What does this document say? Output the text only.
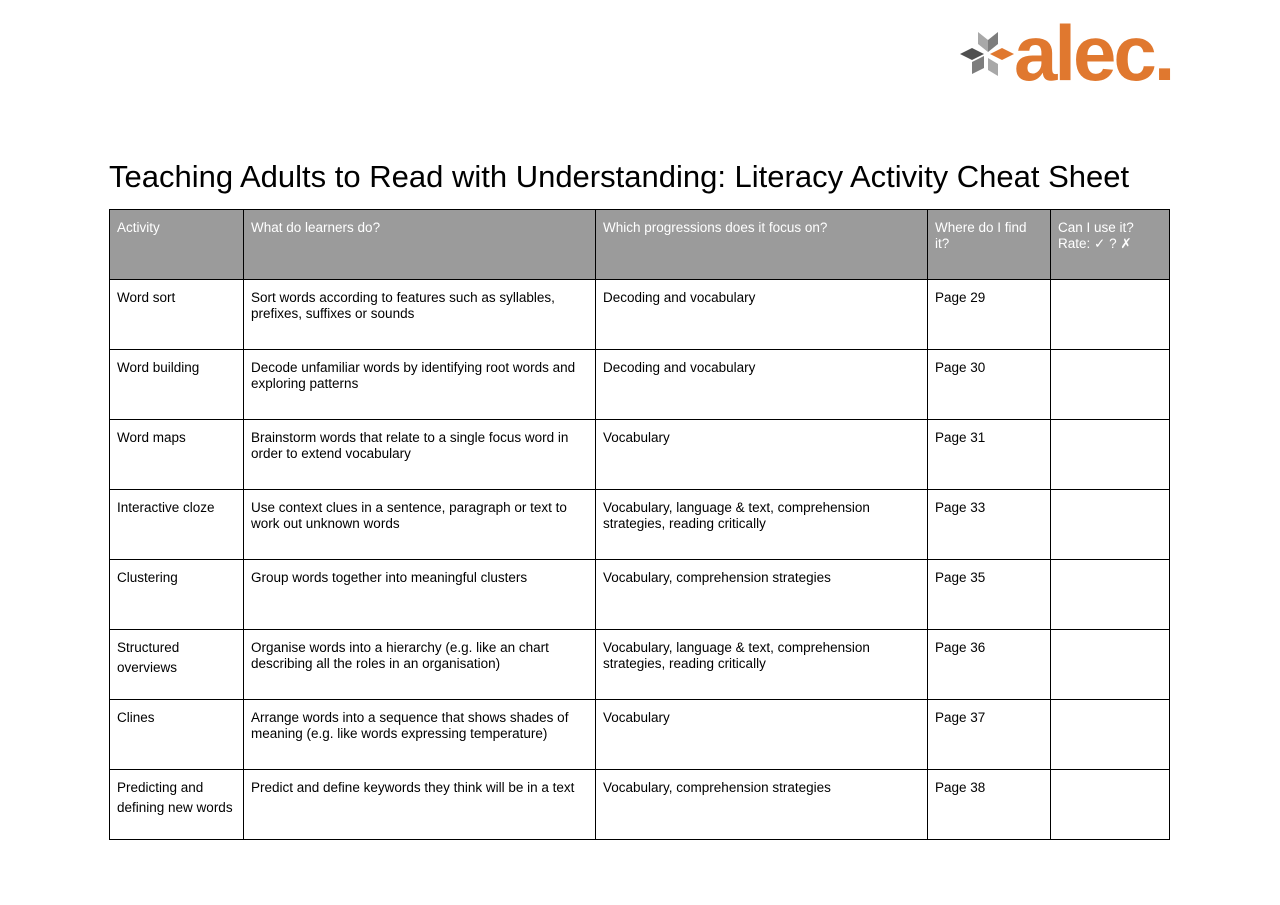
alec.
Teaching Adults to Read with Understanding: Literacy Activity Cheat Sheet
Activity	What do learners do?	Which progressions does it focus on?	Where do I find it?	Can I use it? Rate: ✓ ? ✗
Word sort	Sort words according to features such as syllables, prefixes, suffixes or sounds	Decoding and vocabulary	Page 29	
Word building	Decode unfamiliar words by identifying root words and exploring patterns	Decoding and vocabulary	Page 30	
Word maps	Brainstorm words that relate to a single focus word in order to extend vocabulary	Vocabulary	Page 31	
Interactive cloze	Use context clues in a sentence, paragraph or text to work out unknown words	Vocabulary, language & text, comprehension strategies, reading critically	Page 33	
Clustering	Group words together into meaningful clusters	Vocabulary, comprehension strategies	Page 35	
Structured overviews	Organise words into a hierarchy (e.g. like an chart describing all the roles in an organisation)	Vocabulary, language & text, comprehension strategies, reading critically	Page 36	
Clines	Arrange words into a sequence that shows shades of meaning (e.g. like words expressing temperature)	Vocabulary	Page 37	
Predicting and defining new words	Predict and define keywords they think will be in a text	Vocabulary, comprehension strategies	Page 38	
